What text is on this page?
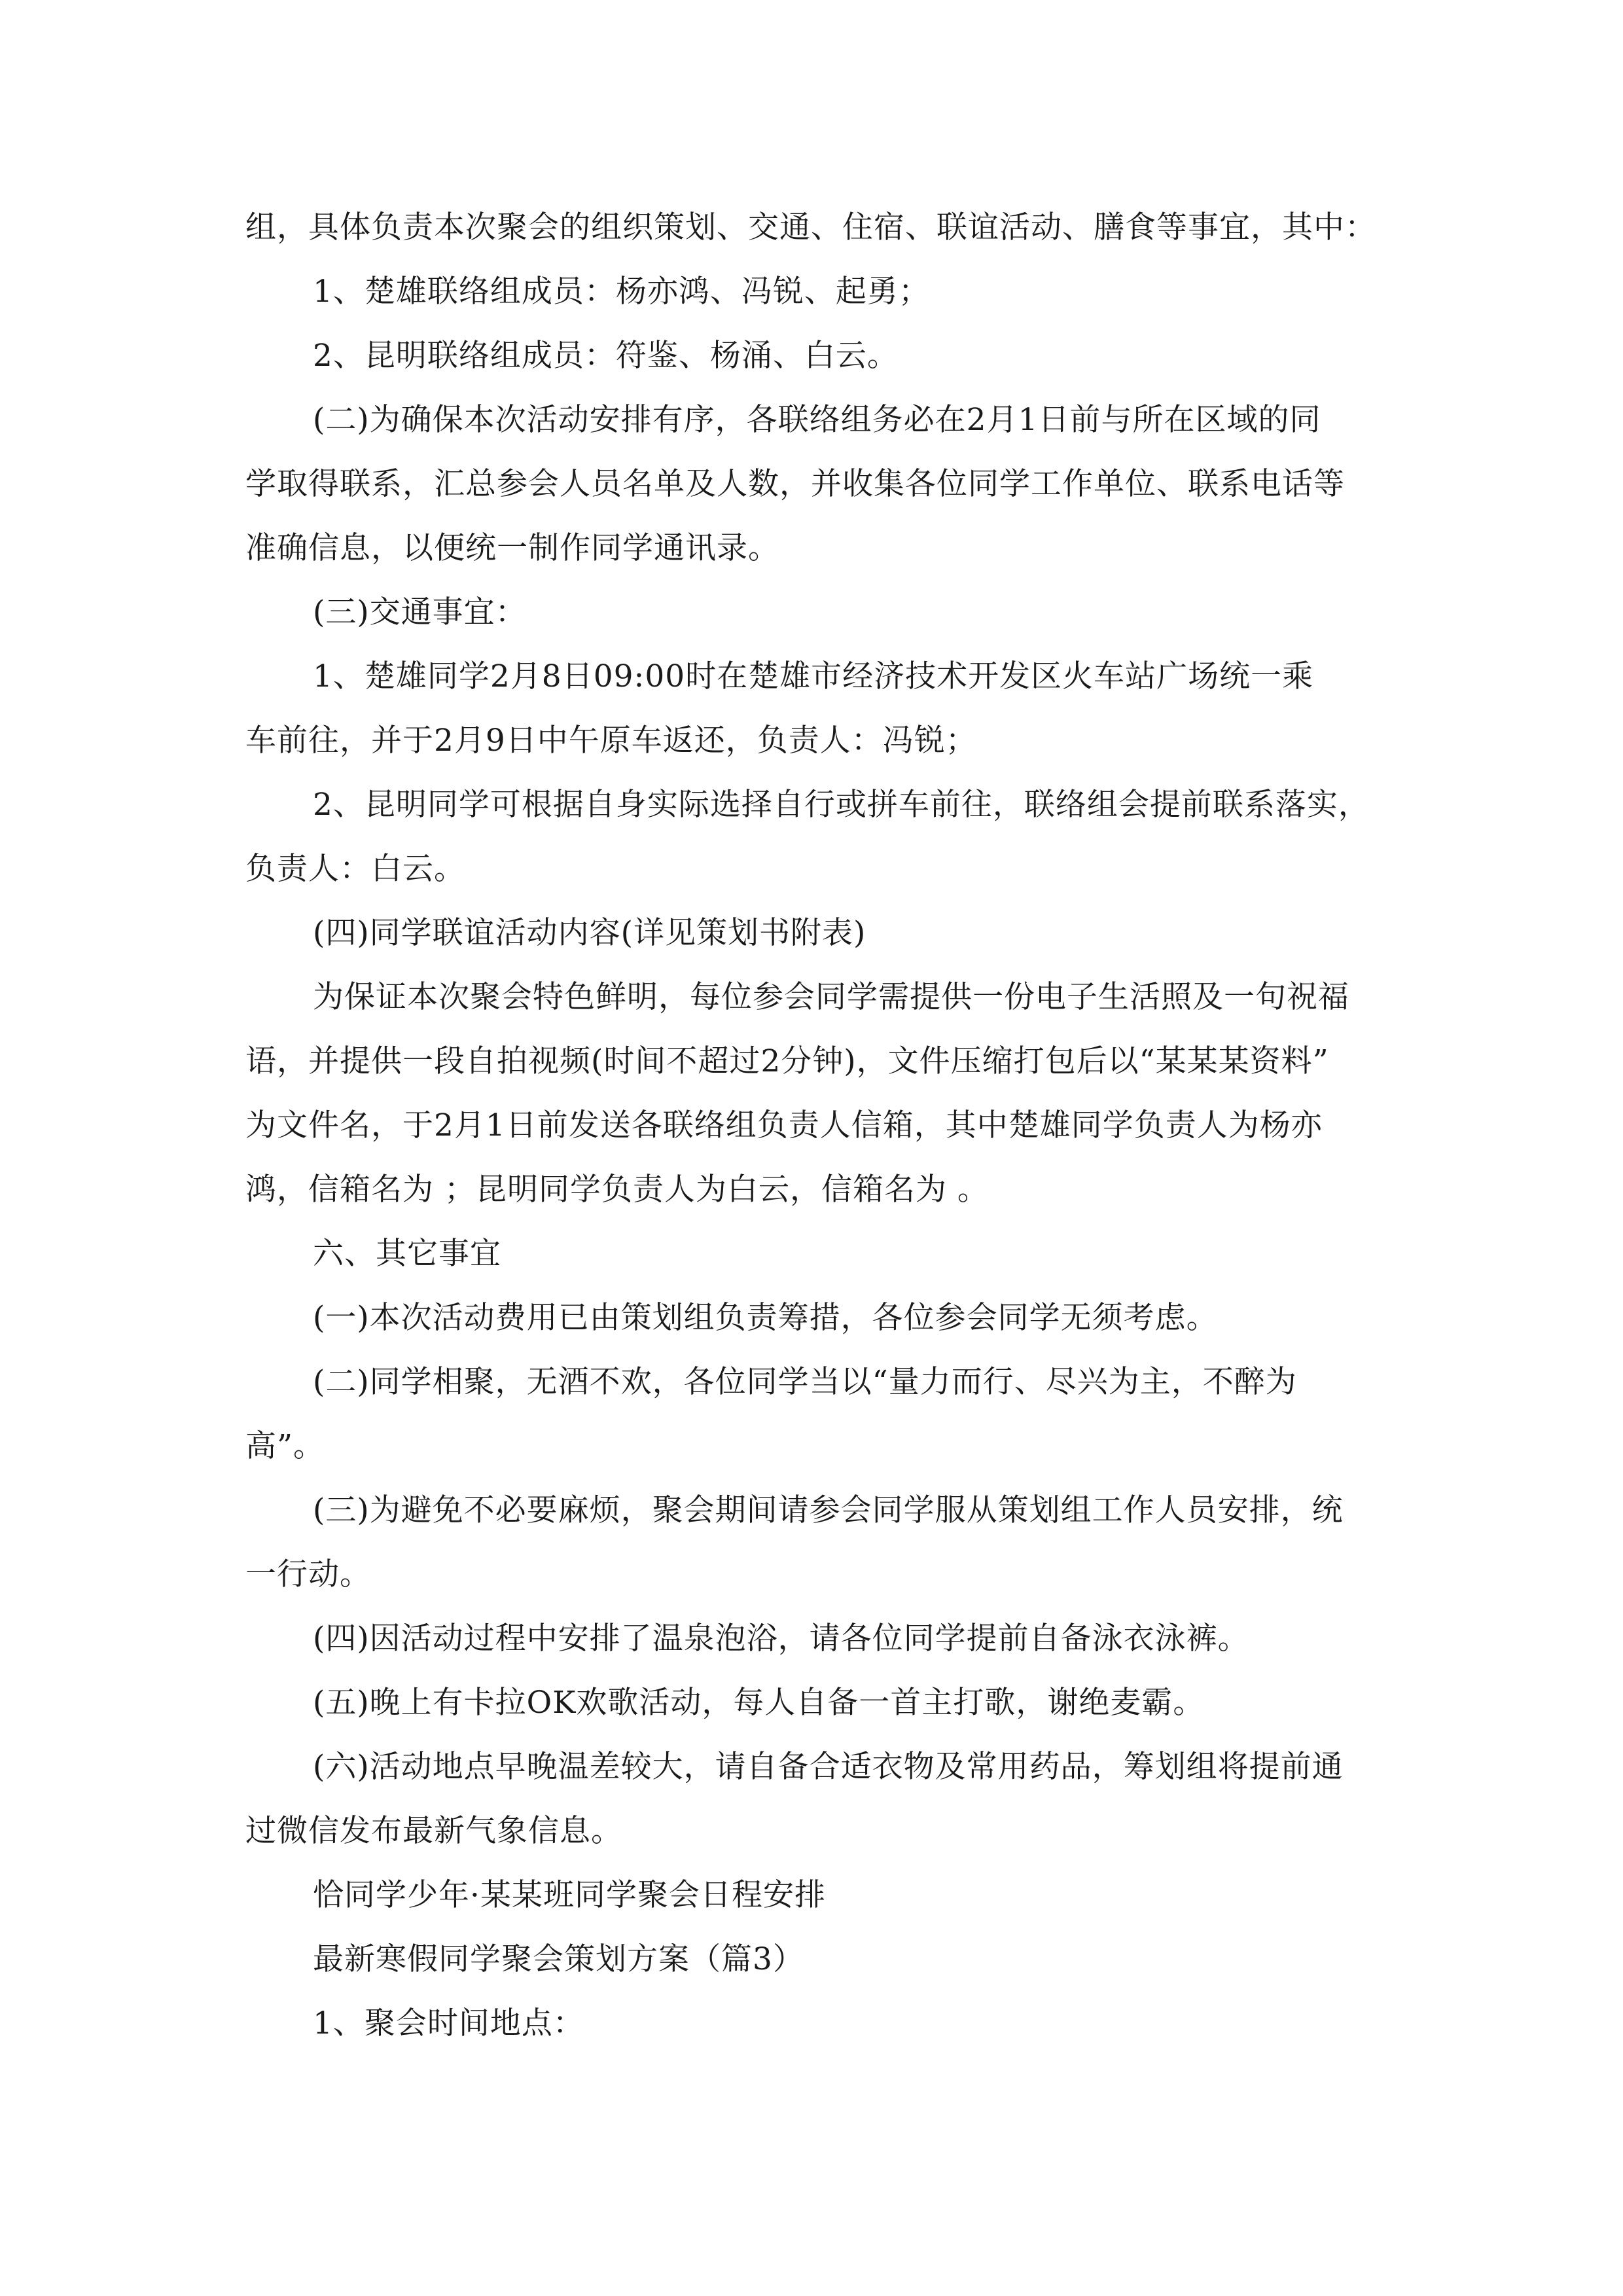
组，具体负责本次聚会的组织策划、交通、住宿、联谊活动、膳食等事宜，其中：
1、楚雄联络组成员：杨亦鸿、冯锐、起勇；
2、昆明联络组成员：符鉴、杨涌、白云。
(二)为确保本次活动安排有序，各联络组务必在2月1日前与所在区域的同
学取得联系，汇总参会人员名单及人数，并收集各位同学工作单位、联系电话等
准确信息，以便统一制作同学通讯录。
(三)交通事宜：
1、楚雄同学2月8日09:00时在楚雄市经济技术开发区火车站广场统一乘
车前往，并于2月9日中午原车返还，负责人：冯锐；
2、昆明同学可根据自身实际选择自行或拼车前往，联络组会提前联系落实，
负责人：白云。
(四)同学联谊活动内容(详见策划书附表)
为保证本次聚会特色鲜明，每位参会同学需提供一份电子生活照及一句祝福
语，并提供一段自拍视频(时间不超过2分钟)，文件压缩打包后以“某某某资料”
为文件名，于2月1日前发送各联络组负责人信箱，其中楚雄同学负责人为杨亦
鸿，信箱名为 ；昆明同学负责人为白云，信箱名为 。
六、其它事宜
(一)本次活动费用已由策划组负责筹措，各位参会同学无须考虑。
(二)同学相聚，无酒不欢，各位同学当以“量力而行、尽兴为主，不醉为
高”。
(三)为避免不必要麻烦，聚会期间请参会同学服从策划组工作人员安排，统
一行动。
(四)因活动过程中安排了温泉泡浴，请各位同学提前自备泳衣泳裤。
(五)晚上有卡拉OK欢歌活动，每人自备一首主打歌，谢绝麦霸。
(六)活动地点早晚温差较大，请自备合适衣物及常用药品，筹划组将提前通
过微信发布最新气象信息。
恰同学少年·某某班同学聚会日程安排
最新寒假同学聚会策划方案（篇3）
1、聚会时间地点：
